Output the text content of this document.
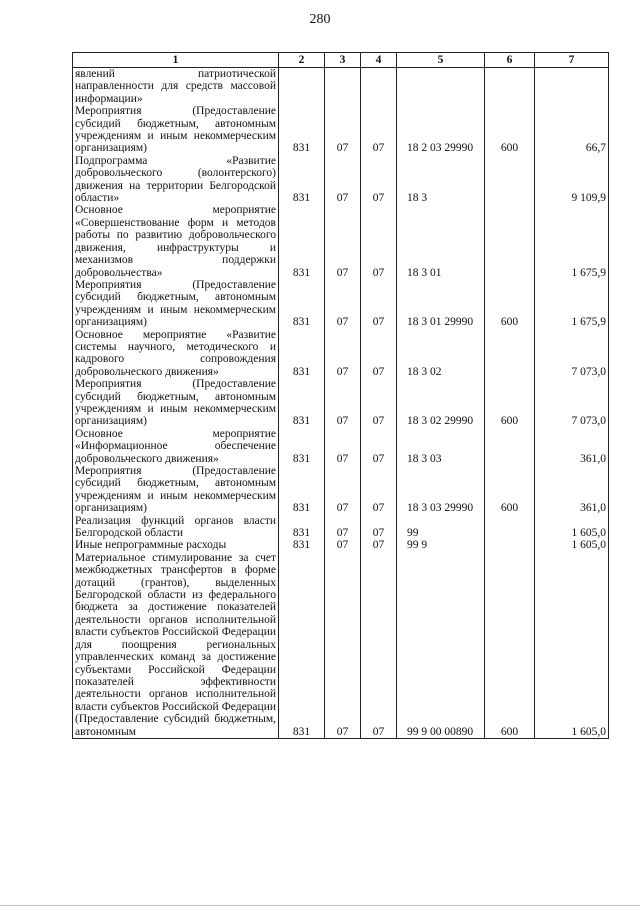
280
1	2	3	4	5	6	7
явлений патриотической направленности для средств массовой информации»						
Мероприятия (Предоставление субсидий бюджетным, автономным учреждениям и иным некоммерческим организациям)	831	07	07	18 2 03 29990	600	66,7
Подпрограмма «Развитие добровольческого (волонтерского) движения на территории Белгородской области»	831	07	07	18 3		9 109,9
Основное мероприятие «Совершенствование форм и методов работы по развитию добровольческого движения, инфраструктуры и механизмов поддержки добровольчества»	831	07	07	18 3 01		1 675,9
Мероприятия (Предоставление субсидий бюджетным, автономным учреждениям и иным некоммерческим организациям)	831	07	07	18 3 01 29990	600	1 675,9
Основное мероприятие «Развитие системы научного, методического и кадрового сопровождения добровольческого движения»	831	07	07	18 3 02		7 073,0
Мероприятия (Предоставление субсидий бюджетным, автономным учреждениям и иным некоммерческим организациям)	831	07	07	18 3 02 29990	600	7 073,0
Основное мероприятие «Информационное обеспечение добровольческого движения»	831	07	07	18 3 03		361,0
Мероприятия (Предоставление субсидий бюджетным, автономным учреждениям и иным некоммерческим организациям)	831	07	07	18 3 03 29990	600	361,0
Реализация функций органов власти Белгородской области	831	07	07	99		1 605,0
Иные непрограммные расходы	831	07	07	99 9		1 605,0
Материальное стимулирование за счет межбюджетных трансфертов в форме дотаций (грантов), выделенных Белгородской области из федерального бюджета за достижение показателей деятельности органов исполнительной власти субъектов Российской Федерации для поощрения региональных управленческих команд за достижение субъектами Российской Федерации показателей эффективности деятельности органов исполнительной власти субъектов Российской Федерации (Предоставление субсидий бюджетным, автономным	831	07	07	99 9 00 00890	600	1 605,0
